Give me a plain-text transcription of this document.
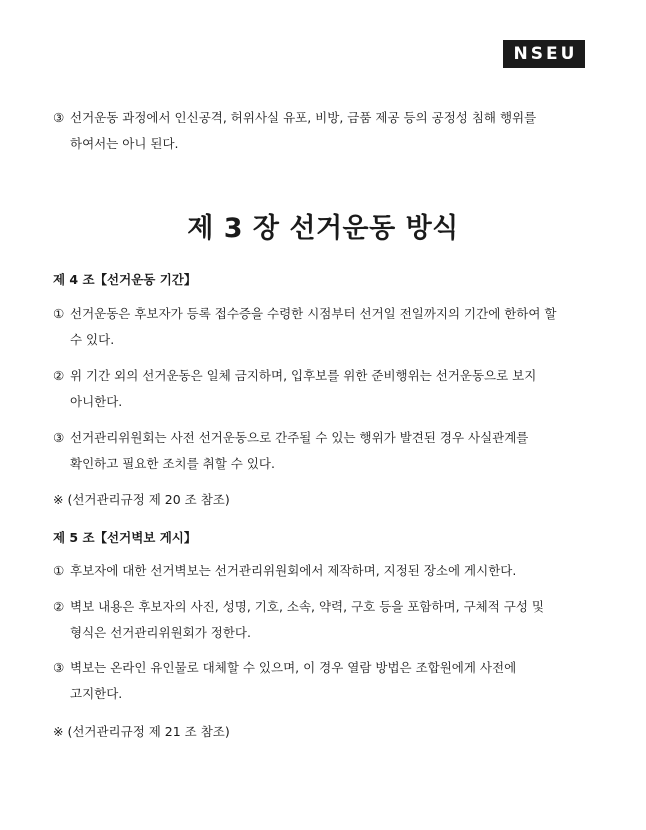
NSEU
③ 선거운동 과정에서 인신공격, 허위사실 유포, 비방, 금품 제공 등의 공정성 침해 행위를
하여서는 아니 된다.
제 3 장 선거운동 방식
제 4 조【선거운동 기간】
① 선거운동은 후보자가 등록 접수증을 수령한 시점부터 선거일 전일까지의 기간에 한하여 할
수 있다.
② 위 기간 외의 선거운동은 일체 금지하며, 입후보를 위한 준비행위는 선거운동으로 보지
아니한다.
③ 선거관리위원회는 사전 선거운동으로 간주될 수 있는 행위가 발견된 경우 사실관계를
확인하고 필요한 조치를 취할 수 있다.
※ (선거관리규정 제 20 조 참조)
제 5 조【선거벽보 게시】
① 후보자에 대한 선거벽보는 선거관리위원회에서 제작하며, 지정된 장소에 게시한다.
② 벽보 내용은 후보자의 사진, 성명, 기호, 소속, 약력, 구호 등을 포함하며, 구체적 구성 및
형식은 선거관리위원회가 정한다.
③ 벽보는 온라인 유인물로 대체할 수 있으며, 이 경우 열람 방법은 조합원에게 사전에
고지한다.
※ (선거관리규정 제 21 조 참조)
